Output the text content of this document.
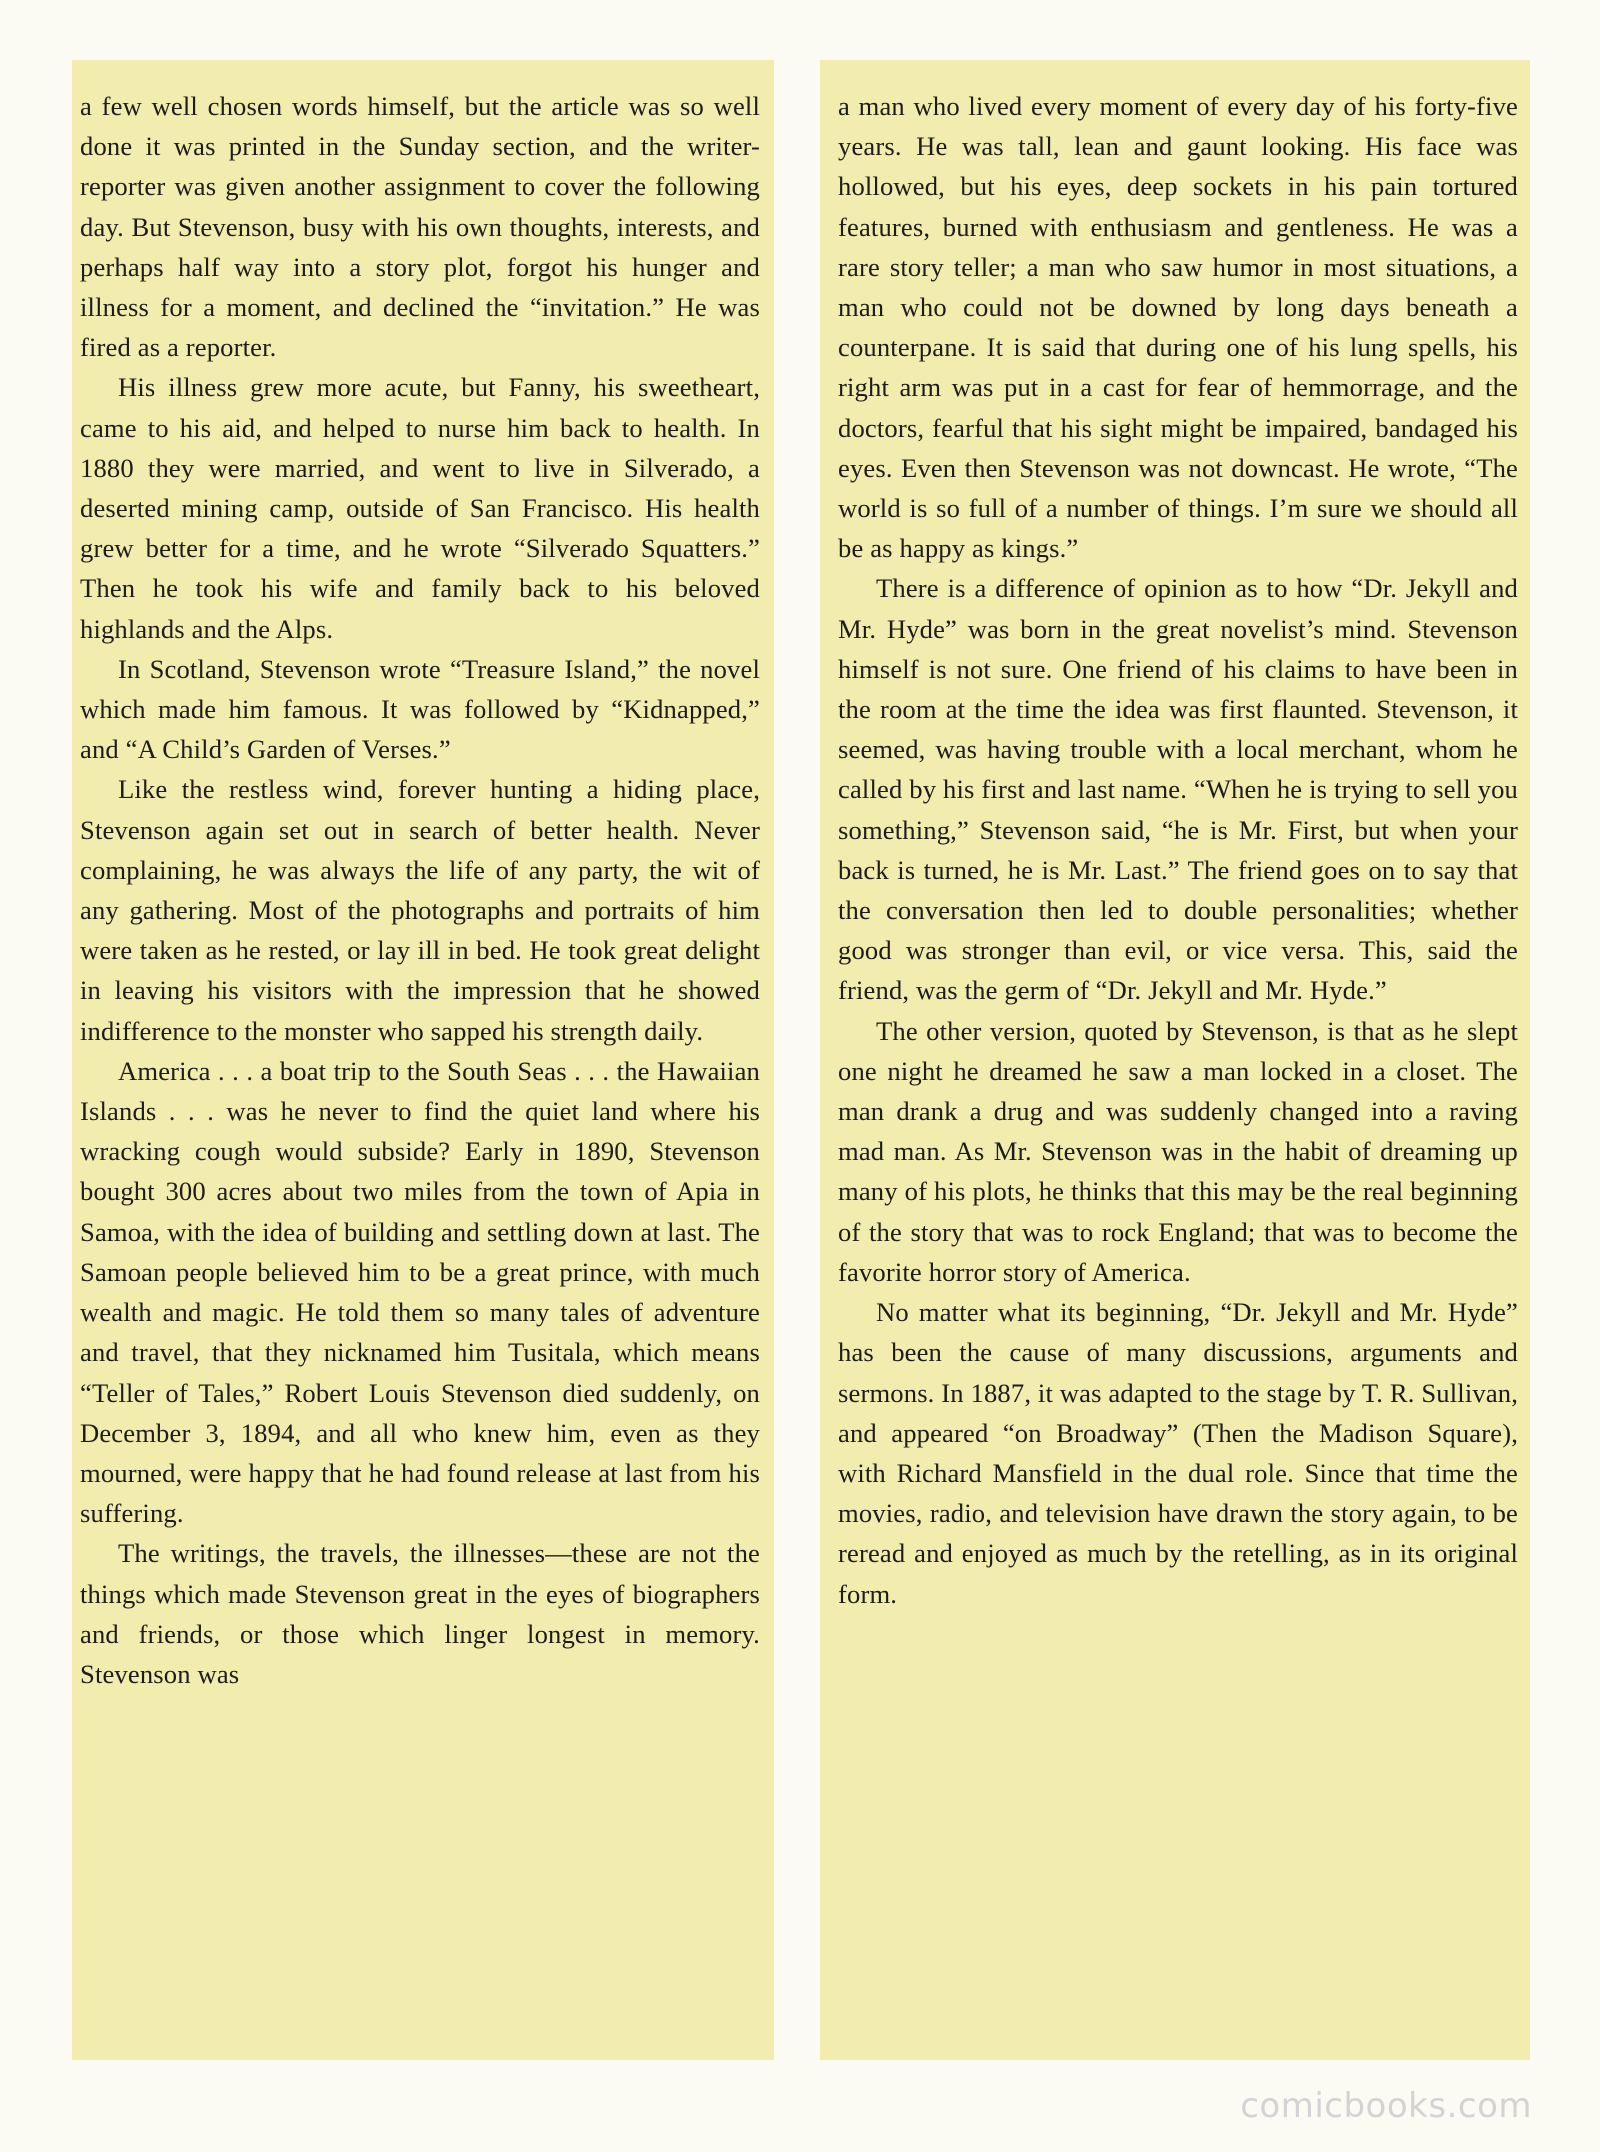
a few well chosen words himself, but the article was so well done it was printed in the Sunday section, and the writer-reporter was given another assignment to cover the following day. But Stevenson, busy with his own thoughts, interests, and perhaps half way into a story plot, forgot his hunger and illness for a moment, and declined the “invitation.” He was fired as a reporter.

His illness grew more acute, but Fanny, his sweetheart, came to his aid, and helped to nurse him back to health. In 1880 they were married, and went to live in Silverado, a deserted mining camp, outside of San Francisco. His health grew better for a time, and he wrote “Silverado Squatters.” Then he took his wife and family back to his beloved highlands and the Alps.

In Scotland, Stevenson wrote “Treasure Island,” the novel which made him famous. It was followed by “Kidnapped,” and “A Child’s Garden of Verses.”

Like the restless wind, forever hunting a hiding place, Stevenson again set out in search of better health. Never complaining, he was always the life of any party, the wit of any gathering. Most of the photographs and portraits of him were taken as he rested, or lay ill in bed. He took great delight in leaving his visitors with the impression that he showed indifference to the monster who sapped his strength daily.

America . . . a boat trip to the South Seas . . . the Hawaiian Islands . . . was he never to find the quiet land where his wracking cough would subside? Early in 1890, Stevenson bought 300 acres about two miles from the town of Apia in Samoa, with the idea of building and settling down at last. The Samoan people believed him to be a great prince, with much wealth and magic. He told them so many tales of adventure and travel, that they nicknamed him Tusitala, which means “Teller of Tales,” Robert Louis Stevenson died suddenly, on December 3, 1894, and all who knew him, even as they mourned, were happy that he had found release at last from his suffering.

The writings, the travels, the illnesses—these are not the things which made Stevenson great in the eyes of biographers and friends, or those which linger longest in memory. Stevenson was

a man who lived every moment of every day of his forty-five years. He was tall, lean and gaunt looking. His face was hollowed, but his eyes, deep sockets in his pain tortured features, burned with enthusiasm and gentleness. He was a rare story teller; a man who saw humor in most situations, a man who could not be downed by long days beneath a counterpane. It is said that during one of his lung spells, his right arm was put in a cast for fear of hemmorrage, and the doctors, fearful that his sight might be impaired, bandaged his eyes. Even then Stevenson was not downcast. He wrote, “The world is so full of a number of things. I’m sure we should all be as happy as kings.”

There is a difference of opinion as to how “Dr. Jekyll and Mr. Hyde” was born in the great novelist’s mind. Stevenson himself is not sure. One friend of his claims to have been in the room at the time the idea was first flaunted. Stevenson, it seemed, was having trouble with a local merchant, whom he called by his first and last name. “When he is trying to sell you something,” Stevenson said, “he is Mr. First, but when your back is turned, he is Mr. Last.” The friend goes on to say that the conversation then led to double personalities; whether good was stronger than evil, or vice versa. This, said the friend, was the germ of “Dr. Jekyll and Mr. Hyde.”

The other version, quoted by Stevenson, is that as he slept one night he dreamed he saw a man locked in a closet. The man drank a drug and was suddenly changed into a raving mad man. As Mr. Stevenson was in the habit of dreaming up many of his plots, he thinks that this may be the real beginning of the story that was to rock England; that was to become the favorite horror story of America.

No matter what its beginning, “Dr. Jekyll and Mr. Hyde” has been the cause of many discussions, arguments and sermons. In 1887, it was adapted to the stage by T. R. Sullivan, and appeared “on Broadway” (Then the Madison Square), with Richard Mansfield in the dual role. Since that time the movies, radio, and television have drawn the story again, to be reread and enjoyed as much by the retelling, as in its original form.

comicbooks.com
